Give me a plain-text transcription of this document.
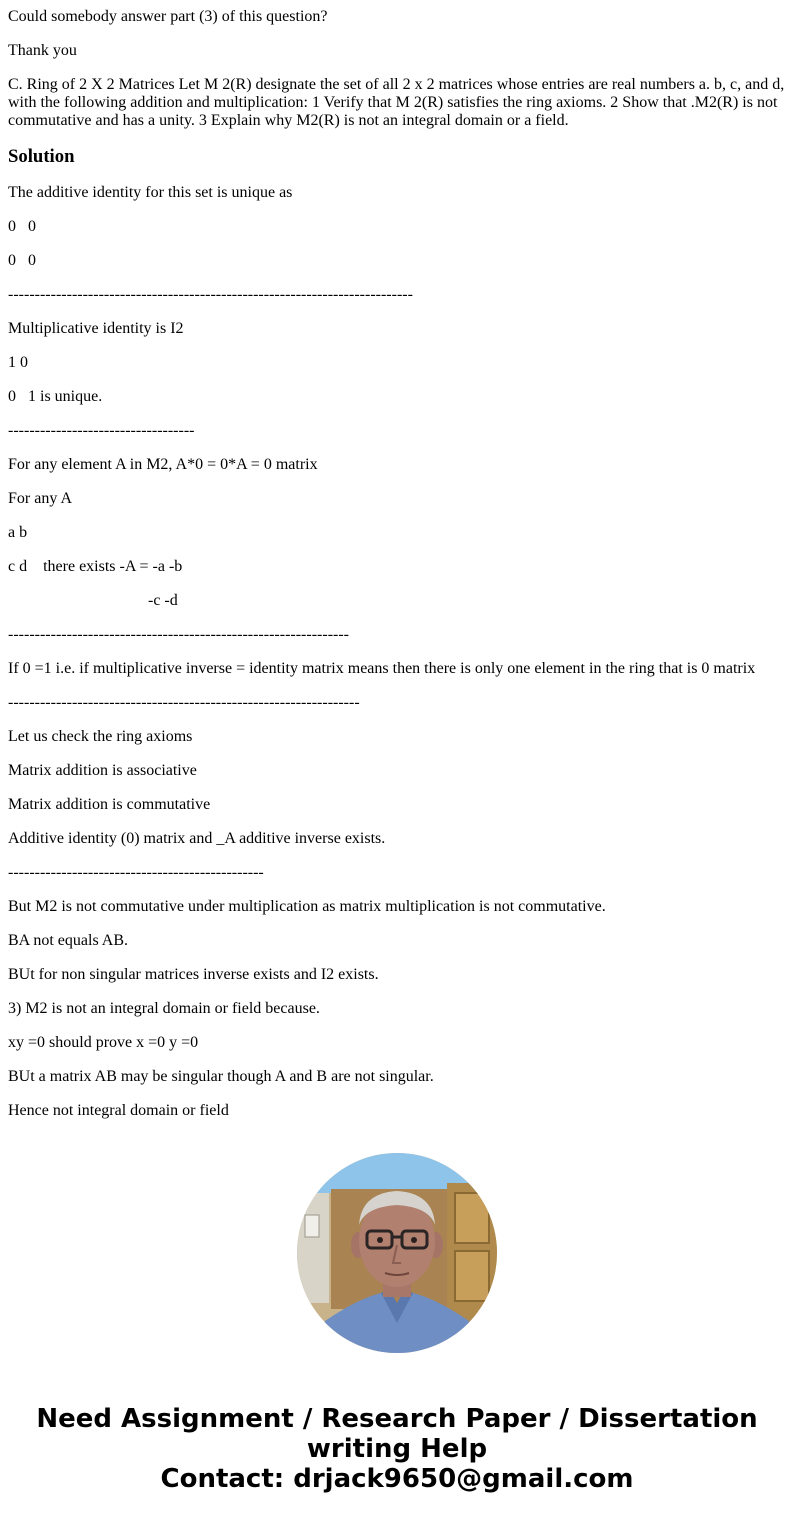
Could somebody answer part (3) of this question?

Thank you

C. Ring of 2 X 2 Matrices Let M 2(R) designate the set of all 2 x 2 matrices whose entries are real numbers a. b, c, and d, with the following addition and multiplication: 1 Verify that M 2(R) satisfies the ring axioms. 2 Show that .M2(R) is not commutative and has a unity. 3 Explain why M2(R) is not an integral domain or a field.

Solution

The additive identity for this set is unique as

0   0

0   0

----------------------------------------------------------------------------

Multiplicative identity is I2

1 0

0   1 is unique.

-----------------------------------

For any element A in M2, A*0 = 0*A = 0 matrix

For any A

a b

c d    there exists -A = -a -b

-c -d

----------------------------------------------------------------

If 0 =1 i.e. if multiplicative inverse = identity matrix means then there is only one element in the ring that is 0 matrix

------------------------------------------------------------------

Let us check the ring axioms

Matrix addition is associative

Matrix addition is commutative

Additive identity (0) matrix and _A additive inverse exists.

------------------------------------------------

But M2 is not commutative under multiplication as matrix multiplication is not commutative.

BA not equals AB.

BUt for non singular matrices inverse exists and I2 exists.

3) M2 is not an integral domain or field because.

xy =0 should prove x =0 y =0

BUt a matrix AB may be singular though A and B are not singular.

Hence not integral domain or field

Need Assignment / Research Paper / Dissertation
writing Help
Contact: drjack9650@gmail.com
